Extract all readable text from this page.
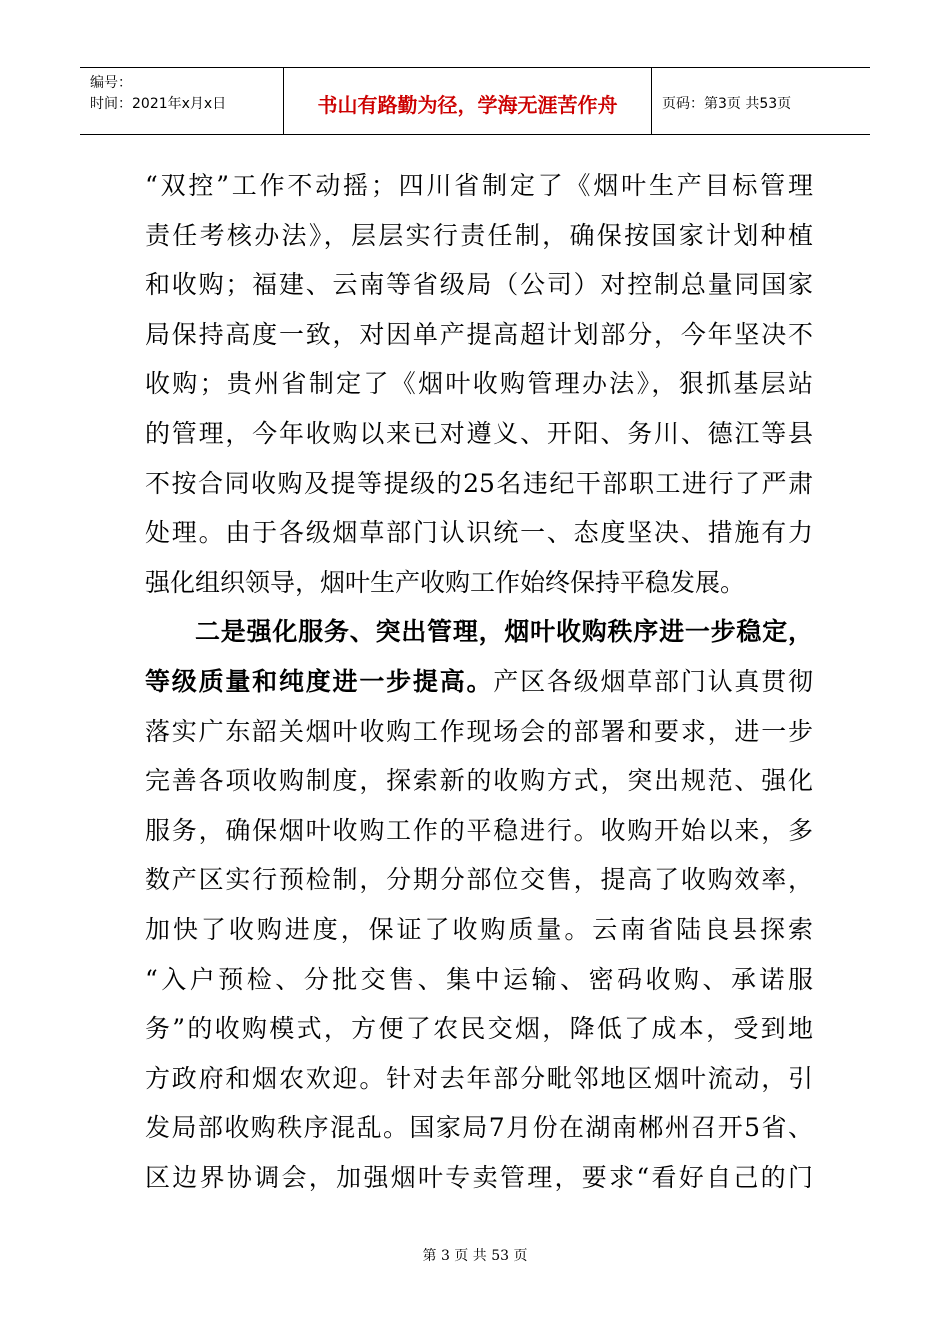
编号：
时间：2021年x月x日	书山有路勤为径，学海无涯苦作舟	页码：第3页 共53页
“双控”工作不动摇；四川省制定了《烟叶生产目标管理
责任考核办法》，层层实行责任制，确保按国家计划种植
和收购；福建、云南等省级局（公司）对控制总量同国家
局保持高度一致，对因单产提高超计划部分，今年坚决不
收购；贵州省制定了《烟叶收购管理办法》，狠抓基层站
的管理，今年收购以来已对遵义、开阳、务川、德江等县
不按合同收购及提等提级的25名违纪干部职工进行了严肃
处理。由于各级烟草部门认识统一、态度坚决、措施有力
强化组织领导，烟叶生产收购工作始终保持平稳发展。
二是强化服务、突出管理，烟叶收购秩序进一步稳定，
等级质量和纯度进一步提高。产区各级烟草部门认真贯彻
落实广东韶关烟叶收购工作现场会的部署和要求，进一步
完善各项收购制度，探索新的收购方式，突出规范、强化
服务，确保烟叶收购工作的平稳进行。收购开始以来，多
数产区实行预检制，分期分部位交售，提高了收购效率，
加快了收购进度，保证了收购质量。云南省陆良县探索
“入户预检、分批交售、集中运输、密码收购、承诺服
务”的收购模式，方便了农民交烟，降低了成本，受到地
方政府和烟农欢迎。针对去年部分毗邻地区烟叶流动，引
发局部收购秩序混乱。国家局7月份在湖南郴州召开5省、
区边界协调会，加强烟叶专卖管理，要求“看好自己的门
第 3 页 共 53 页
